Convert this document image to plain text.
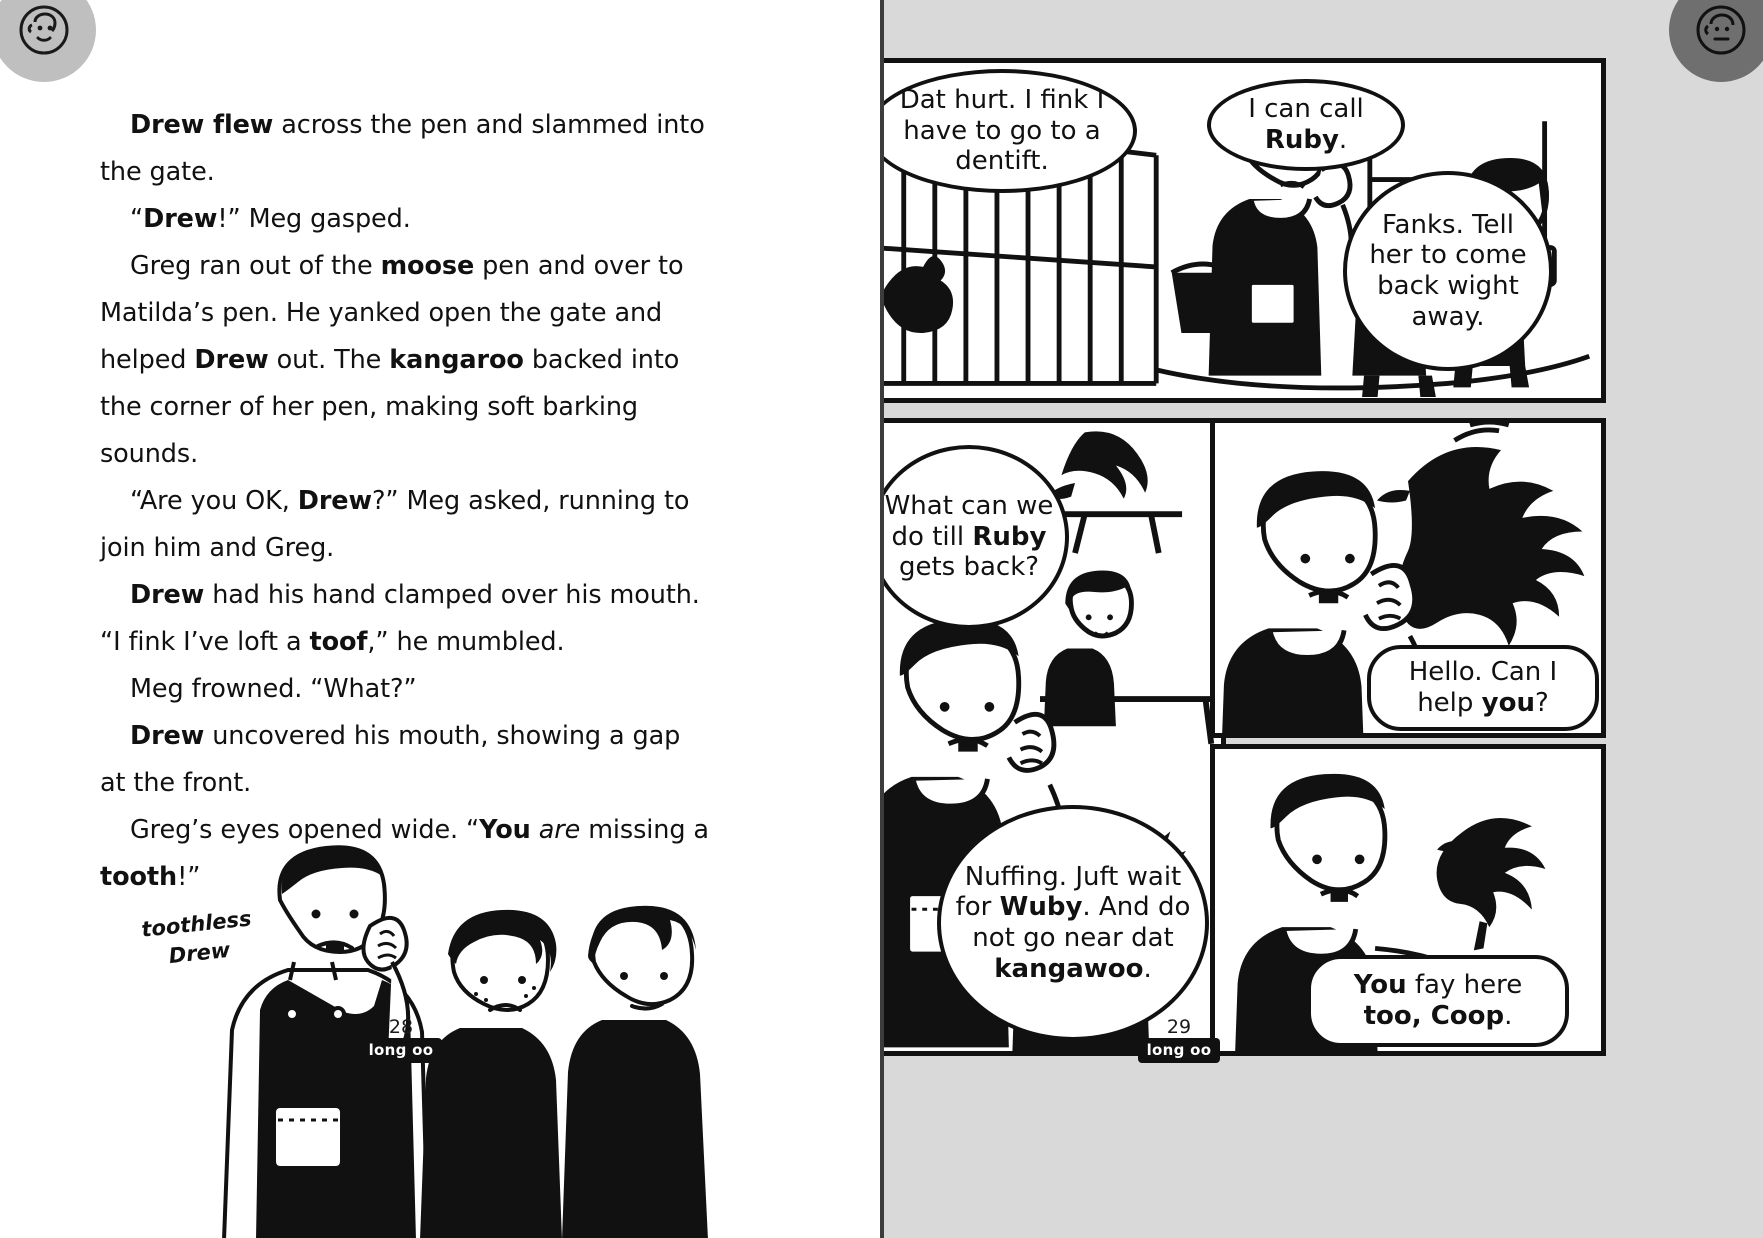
Drew flew across the pen and slammed into the gate.

“Drew!” Meg gasped.

Greg ran out of the moose pen and over to Matilda’s pen. He yanked open the gate and helped Drew out. The kangaroo backed into the corner of her pen, making soft barking sounds.

“Are you OK, Drew?” Meg asked, running to join him and Greg.

Drew had his hand clamped over his mouth. “I fink I’ve loft a toof,” he mumbled.

Meg frowned. “What?”

Drew uncovered his mouth, showing a gap at the front.

Greg’s eyes opened wide. “You are missing a tooth!”

toothless Drew
28
long oo
Dat hurt. I fink I have to go to a dentift.
I can call Ruby.
Fanks. Tell her to come back wight away.
What can we do till Ruby gets back?
Nuffing. Juft wait for Wuby. And do not go near dat kangawoo.
Hello. Can I help you?
You fay here too, Coop.
29
long oo
